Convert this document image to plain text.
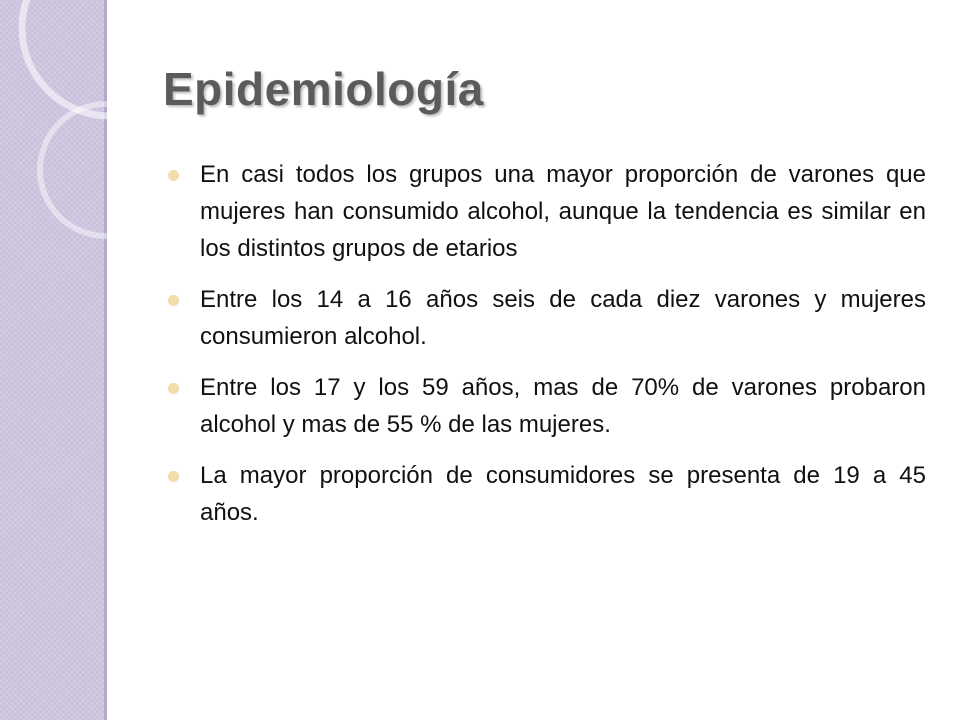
Epidemiología
En casi todos los grupos una mayor proporción de varones que mujeres han consumido alcohol, aunque la tendencia es similar en los distintos grupos de etarios
Entre los 14 a 16 años seis de cada diez varones y mujeres consumieron alcohol.
Entre los 17 y los 59 años, mas de 70% de varones probaron alcohol y mas de 55 % de las mujeres.
La mayor proporción de consumidores se presenta de 19 a 45 años.
